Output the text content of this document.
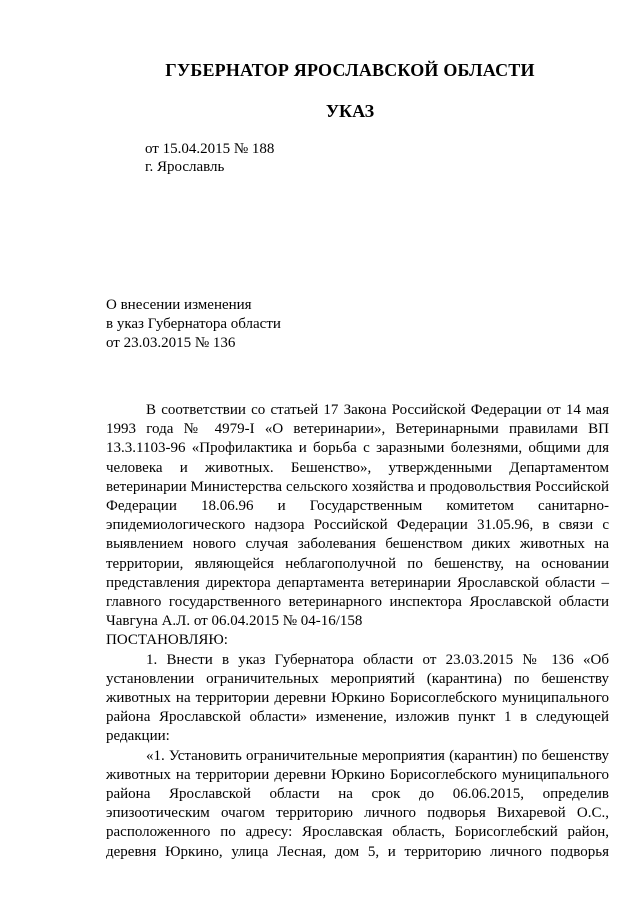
ГУБЕРНАТОР ЯРОСЛАВСКОЙ ОБЛАСТИ
УКАЗ
от 15.04.2015 № 188
г. Ярославль
О внесении изменения
в указ Губернатора области
от 23.03.2015 № 136

В соответствии со статьей 17 Закона Российской Федерации от 14 мая 1993 года № 4979-I «О ветеринарии», Ветеринарными правилами ВП 13.3.1103-96 «Профилактика и борьба с заразными болезнями, общими для человека и животных. Бешенство», утвержденными Департаментом ветеринарии Министерства сельского хозяйства и продовольствия Российской Федерации 18.06.96 и Государственным комитетом санитарно-эпидемиологического надзора Российской Федерации 31.05.96, в связи с выявлением нового случая заболевания бешенством диких животных на территории, являющейся неблагополучной по бешенству, на основании представления директора департамента ветеринарии Ярославской области – главного государственного ветеринарного инспектора Ярославской области Чавгуна А.Л. от 06.04.2015 № 04-16/158

ПОСТАНОВЛЯЮ:

1. Внести в указ Губернатора области от 23.03.2015 № 136 «Об установлении ограничительных мероприятий (карантина) по бешенству животных на территории деревни Юркино Борисоглебского муниципального района Ярославской области» изменение, изложив пункт 1 в следующей редакции:

«1. Установить ограничительные мероприятия (карантин) по бешенству животных на территории деревни Юркино Борисоглебского муниципального района Ярославской области на срок до 06.06.2015, определив эпизоотическим очагом территорию личного подворья Вихаревой О.С., расположенного по адресу: Ярославская область, Борисоглебский район, деревня Юркино, улица Лесная, дом 5, и территорию личного подворья
